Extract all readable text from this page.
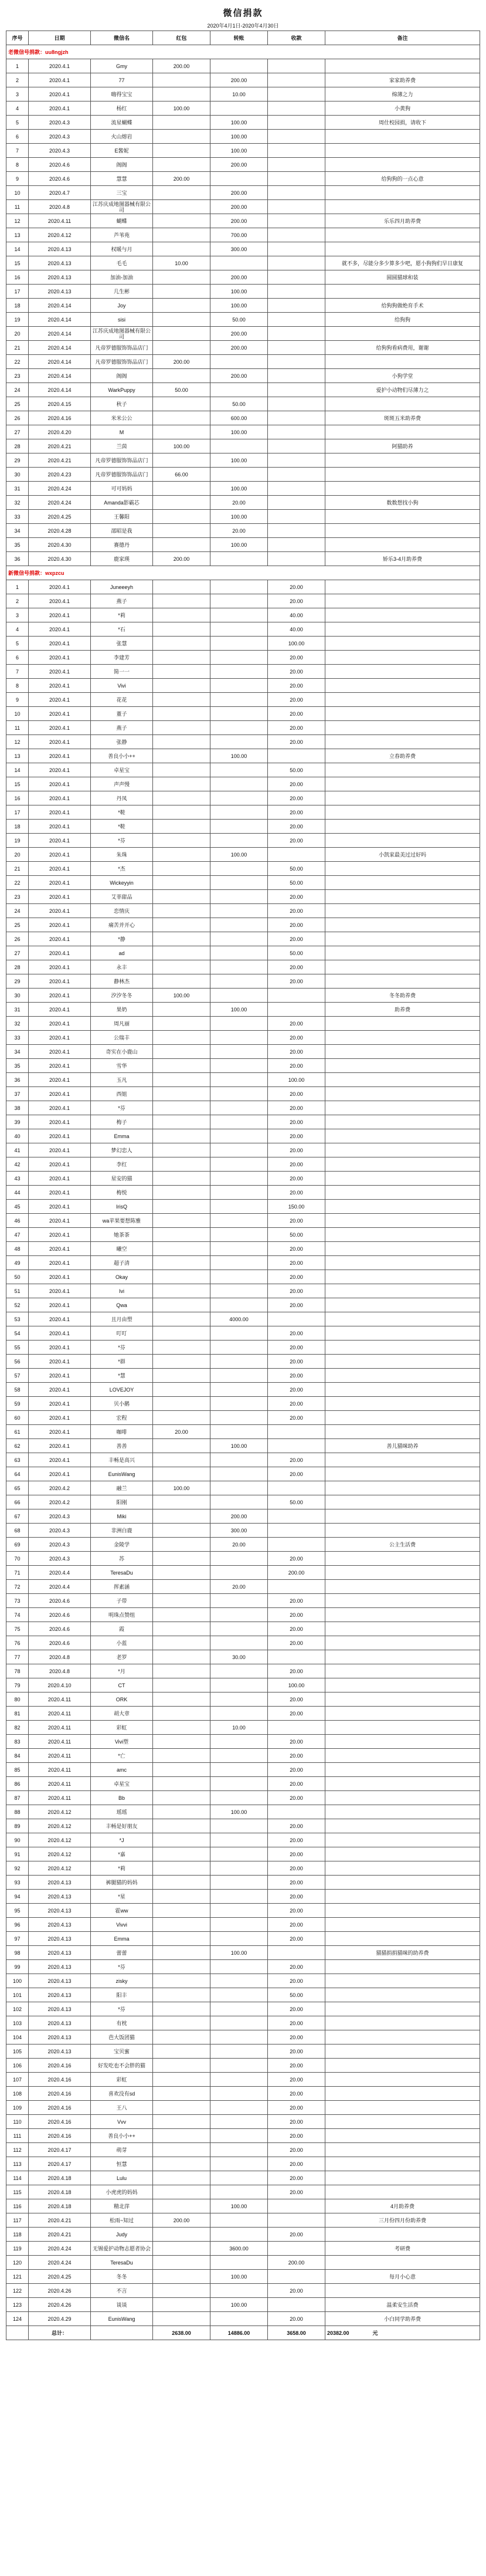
微信捐款
2020年4月1日-2020年4月30日
序号	日期	微信名	红包	转账	收款	备注
老微信号捐款：uu8ngjzh						
1	2020.4.1	Gmy	200.00			
2	2020.4.1	77		200.00		家家助养费
3	2020.4.1	嗨得宝宝		10.00		绵薄之力
4	2020.4.1	杨红	100.00			小黄狗
5	2020.4.3	流星蝴蝶		100.00		周仕校园捐，请收下
6	2020.4.3	火山熔岩		100.00		
7	2020.4.3	E酱妮		100.00		
8	2020.4.6	阁阁		200.00		
9	2020.4.6	慧慧	200.00			给狗狗的一点心意
10	2020.4.7	三宝		200.00		
11	2020.4.8	江苏庆成地图器械有限公司		200.00		
12	2020.4.11	蝴蝶		200.00		乐乐四月助养费
13	2020.4.12	芦苇苑		700.00		
14	2020.4.13	权暖与月		300.00		
15	2020.4.13	毛毛	10.00			就不多，尽能分多少算多少吧，愿小狗狗们早日康复
16	2020.4.13	加油-加油		200.00		圆圆猫球和装
17	2020.4.13	几生彬		100.00		
18	2020.4.14	Joy		100.00		给狗狗做绝育手术
19	2020.4.14	sisi		50.00		给狗狗
20	2020.4.14	江苏庆成地图器械有限公司		200.00		
21	2020.4.14	凡帝罗德服饰饰品店门		200.00		给狗狗看病费用，谢谢
22	2020.4.14	凡帝罗德服饰饰品店门	200.00			
23	2020.4.14	阁阁		200.00		小狗学堂
24	2020.4.14	WarkPuppy	50.00			爱护小动物们尽薄力之
25	2020.4.15	秋子		50.00		
26	2020.4.16	米米公公		600.00		斑斑五米助养费
27	2020.4.20	M		100.00		
28	2020.4.21	兰茵	100.00			阿猫助养
29	2020.4.21	凡帝罗德服饰饰品店门		100.00		
30	2020.4.23	凡帝罗德服饰饰品店门	66.00			
31	2020.4.24	可可妈妈		100.00		
32	2020.4.24	Amanda影霸芯		20.00		数数想找小狗
33	2020.4.25	王馨阳		100.00		
34	2020.4.28	邵昭是我		20.00		
35	2020.4.30	赛德丹		100.00		
36	2020.4.30	鹿家瑛	200.00			娇乐3-4月助养费
新微信号捐款：wxpzcu						
1	2020.4.1	Juneeeyh			20.00	
2	2020.4.1	燕子			20.00	
3	2020.4.1	*莉			40.00	
4	2020.4.1	*石			40.00	
5	2020.4.1	张慧			100.00	
6	2020.4.1	李建芳			20.00	
7	2020.4.1	简一一			20.00	
8	2020.4.1	Vivi			20.00	
9	2020.4.1	花花			20.00	
10	2020.4.1	董子			20.00	
11	2020.4.1	燕子			20.00	
12	2020.4.1	张静			20.00	
13	2020.4.1	善良小小++		100.00		立春助养费
14	2020.4.1	卓星宝			50.00	
15	2020.4.1	声声慢			20.00	
16	2020.4.1	丹凤			20.00	
17	2020.4.1	*鞋			20.00	
18	2020.4.1	*鞋			20.00	
19	2020.4.1	*芬			20.00	
20	2020.4.1	朱珠		100.00		小凯家最美过过好吗
21	2020.4.1	*杰			50.00	
22	2020.4.1	Wickeyyin			50.00	
23	2020.4.1	艾菲甜品			20.00	
24	2020.4.1	恋情庆			20.00	
25	2020.4.1	痛苦并开心			20.00	
26	2020.4.1	*静			20.00	
27	2020.4.1	ad			50.00	
28	2020.4.1	永丰			20.00	
29	2020.4.1	静林杰			20.00	
30	2020.4.1	汐汐冬冬	100.00			冬冬助养费
31	2020.4.1	果奶		100.00		助养费
32	2020.4.1	周凡丽			20.00	
33	2020.4.1	公瑞丰			20.00	
34	2020.4.1	奇实在小鹿山			20.00	
35	2020.4.1	雪华			20.00	
36	2020.4.1	玉凡			100.00	
37	2020.4.1	西姐			20.00	
38	2020.4.1	*芬			20.00	
39	2020.4.1	梅子			20.00	
40	2020.4.1	Emma			20.00	
41	2020.4.1	梦幻恋人			20.00	
42	2020.4.1	李红			20.00	
43	2020.4.1	星安的猫			20.00	
44	2020.4.1	梅悦			20.00	
45	2020.4.1	IrisQ			150.00	
46	2020.4.1	wa苹果要想陈雅			20.00	
47	2020.4.1	她茶茶			50.00	
48	2020.4.1	曦空			20.00	
49	2020.4.1	超子清			20.00	
50	2020.4.1	Okay			20.00	
51	2020.4.1	Ivi			20.00	
52	2020.4.1	Qwa			20.00	
53	2020.4.1	且月由塑		4000.00		
54	2020.4.1	叮叮			20.00	
55	2020.4.1	*芬			20.00	
56	2020.4.1	*群			20.00	
57	2020.4.1	*慧			20.00	
58	2020.4.1	LOVEJOY			20.00	
59	2020.4.1	贝小鹅			20.00	
60	2020.4.1	宏程			20.00	
61	2020.4.1	咖啡	20.00			
62	2020.4.1	善善		100.00		善儿猫咪助养
63	2020.4.1	丰畅是高兴			20.00	
64	2020.4.1	EunisWang			20.00	
65	2020.4.2	融兰	100.00			
66	2020.4.2	阳刚			50.00	
67	2020.4.3	Miki		200.00		
68	2020.4.3	非洲白鹿		300.00		
69	2020.4.3	金陵学		20.00		公主生活费
70	2020.4.3	苏			20.00	
71	2020.4.4	TeresaDu			200.00	
72	2020.4.4	挥素涵		20.00		
73	2020.4.6	子带			20.00	
74	2020.4.6	明珠点赞组			20.00	
75	2020.4.6	霞			20.00	
76	2020.4.6	小蓝			20.00	
77	2020.4.8	老罗		30.00		
78	2020.4.8	*月			20.00	
79	2020.4.10	CT			100.00	
80	2020.4.11	ORK			20.00	
81	2020.4.11	胡大章			20.00	
82	2020.4.11	彩虹		10.00		
83	2020.4.11	Vivi塑			20.00	
84	2020.4.11	*亡			20.00	
85	2020.4.11	amc			20.00	
86	2020.4.11	卓星宝			20.00	
87	2020.4.11	Bb			20.00	
88	2020.4.12	瑶瑶		100.00		
89	2020.4.12	丰畅是好朋友			20.00	
90	2020.4.12	*J			20.00	
91	2020.4.12	*嘉			20.00	
92	2020.4.12	*莉			20.00	
93	2020.4.13	裤腿猫的妈妈			20.00	
94	2020.4.13	*星			20.00	
95	2020.4.13	霍ww			20.00	
96	2020.4.13	Vivvi			20.00	
97	2020.4.13	Emma			20.00	
98	2020.4.13	蕾蕾		100.00		猫猫捐捐猫咪的助养费
99	2020.4.13	*芬			20.00	
100	2020.4.13	zisky			20.00	
101	2020.4.13	阳丰			50.00	
102	2020.4.13	*芬			20.00	
103	2020.4.13	有枕			20.00	
104	2020.4.13	芭大饭团猫			20.00	
105	2020.4.13	宝贝蜜			20.00	
106	2020.4.16	好发吃也不会胖的猫			20.00	
107	2020.4.16	彩虹			20.00	
108	2020.4.16	喜欢没有sd			20.00	
109	2020.4.16	王八			20.00	
110	2020.4.16	Vvv			20.00	
111	2020.4.16	善良小小++			20.00	
112	2020.4.17	萌芽			20.00	
113	2020.4.17	恒慧			20.00	
114	2020.4.18	Lulu			20.00	
115	2020.4.18	小虎虎的妈妈			20.00	
116	2020.4.18	精北萍		100.00		4月助养费
117	2020.4.21	松雨~知过	200.00			三月份四月份助养费
118	2020.4.21	Judy			20.00	
119	2020.4.24	无锡爱护动物志愿者协会		3600.00		考研费
120	2020.4.24	TeresaDu			200.00	
121	2020.4.25	冬冬		100.00		每月小心意
122	2020.4.26	不言			20.00	
123	2020.4.26	谈谈		100.00		温柔安生活费
124	2020.4.29	EunisWang			20.00	小白同学助养费
	总计：		2638.00	14886.00	3658.00	20382.00 元
